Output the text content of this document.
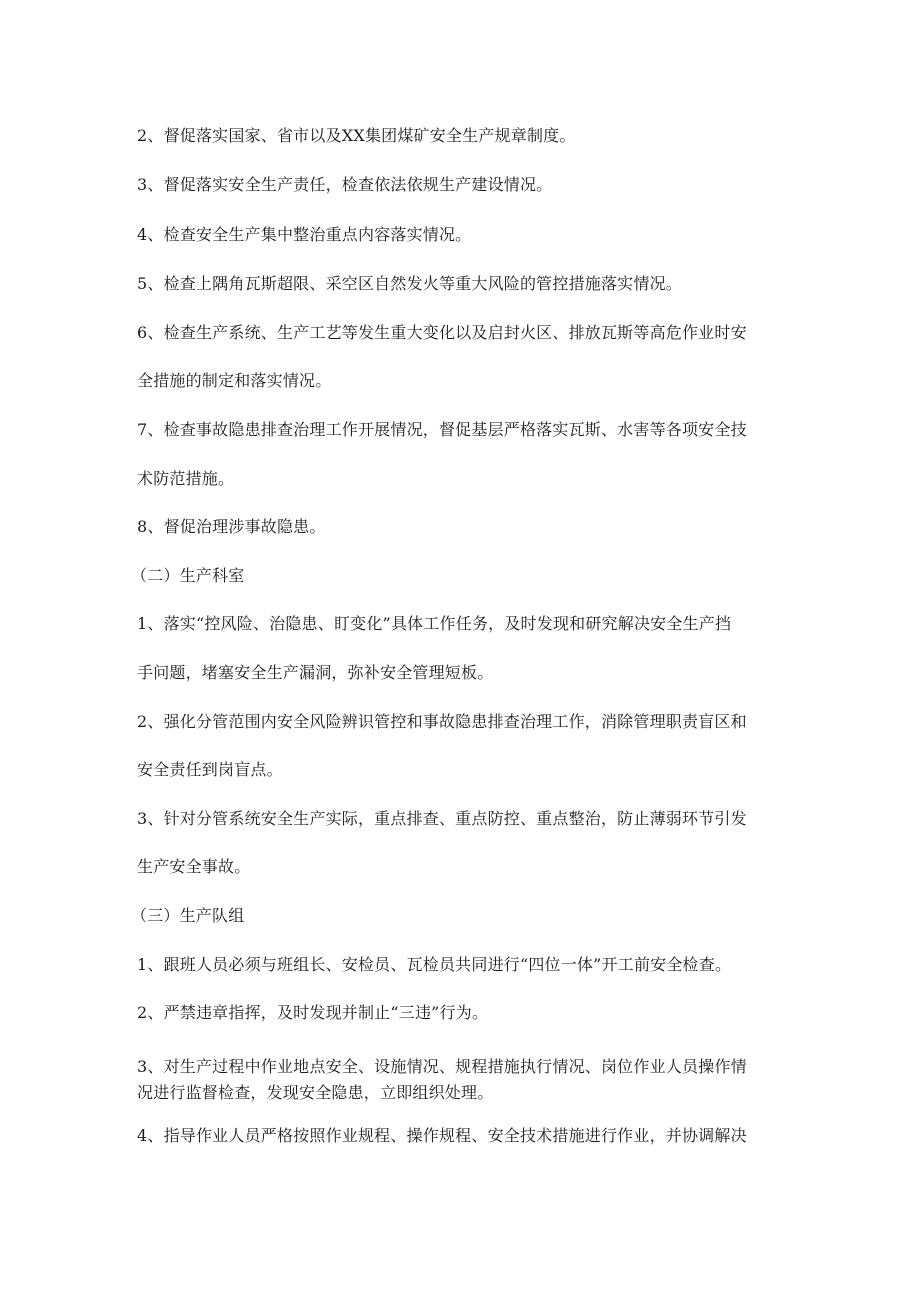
2、督促落实国家、省市以及XX集团煤矿安全生产规章制度。
3、督促落实安全生产责任，检查依法依规生产建设情况。
4、检查安全生产集中整治重点内容落实情况。
5、检查上隅角瓦斯超限、采空区自然发火等重大风险的管控措施落实情况。
6、检查生产系统、生产工艺等发生重大变化以及启封火区、排放瓦斯等高危作业时安
全措施的制定和落实情况。
7、检查事故隐患排查治理工作开展情况，督促基层严格落实瓦斯、水害等各项安全技
术防范措施。
8、督促治理涉事故隐患。
（二）生产科室
1、落实“控风险、治隐患、盯变化”具体工作任务，及时发现和研究解决安全生产挡
手问题，堵塞安全生产漏洞，弥补安全管理短板。
2、强化分管范围内安全风险辨识管控和事故隐患排查治理工作，消除管理职责盲区和
安全责任到岗盲点。
3、针对分管系统安全生产实际，重点排查、重点防控、重点整治，防止薄弱环节引发
生产安全事故。
（三）生产队组
1、跟班人员必须与班组长、安检员、瓦检员共同进行“四位一体”开工前安全检查。
2、严禁违章指挥，及时发现并制止“三违”行为。
3、对生产过程中作业地点安全、设施情况、规程措施执行情况、岗位作业人员操作情
况进行监督检查，发现安全隐患，立即组织处理。
4、指导作业人员严格按照作业规程、操作规程、安全技术措施进行作业，并协调解决
